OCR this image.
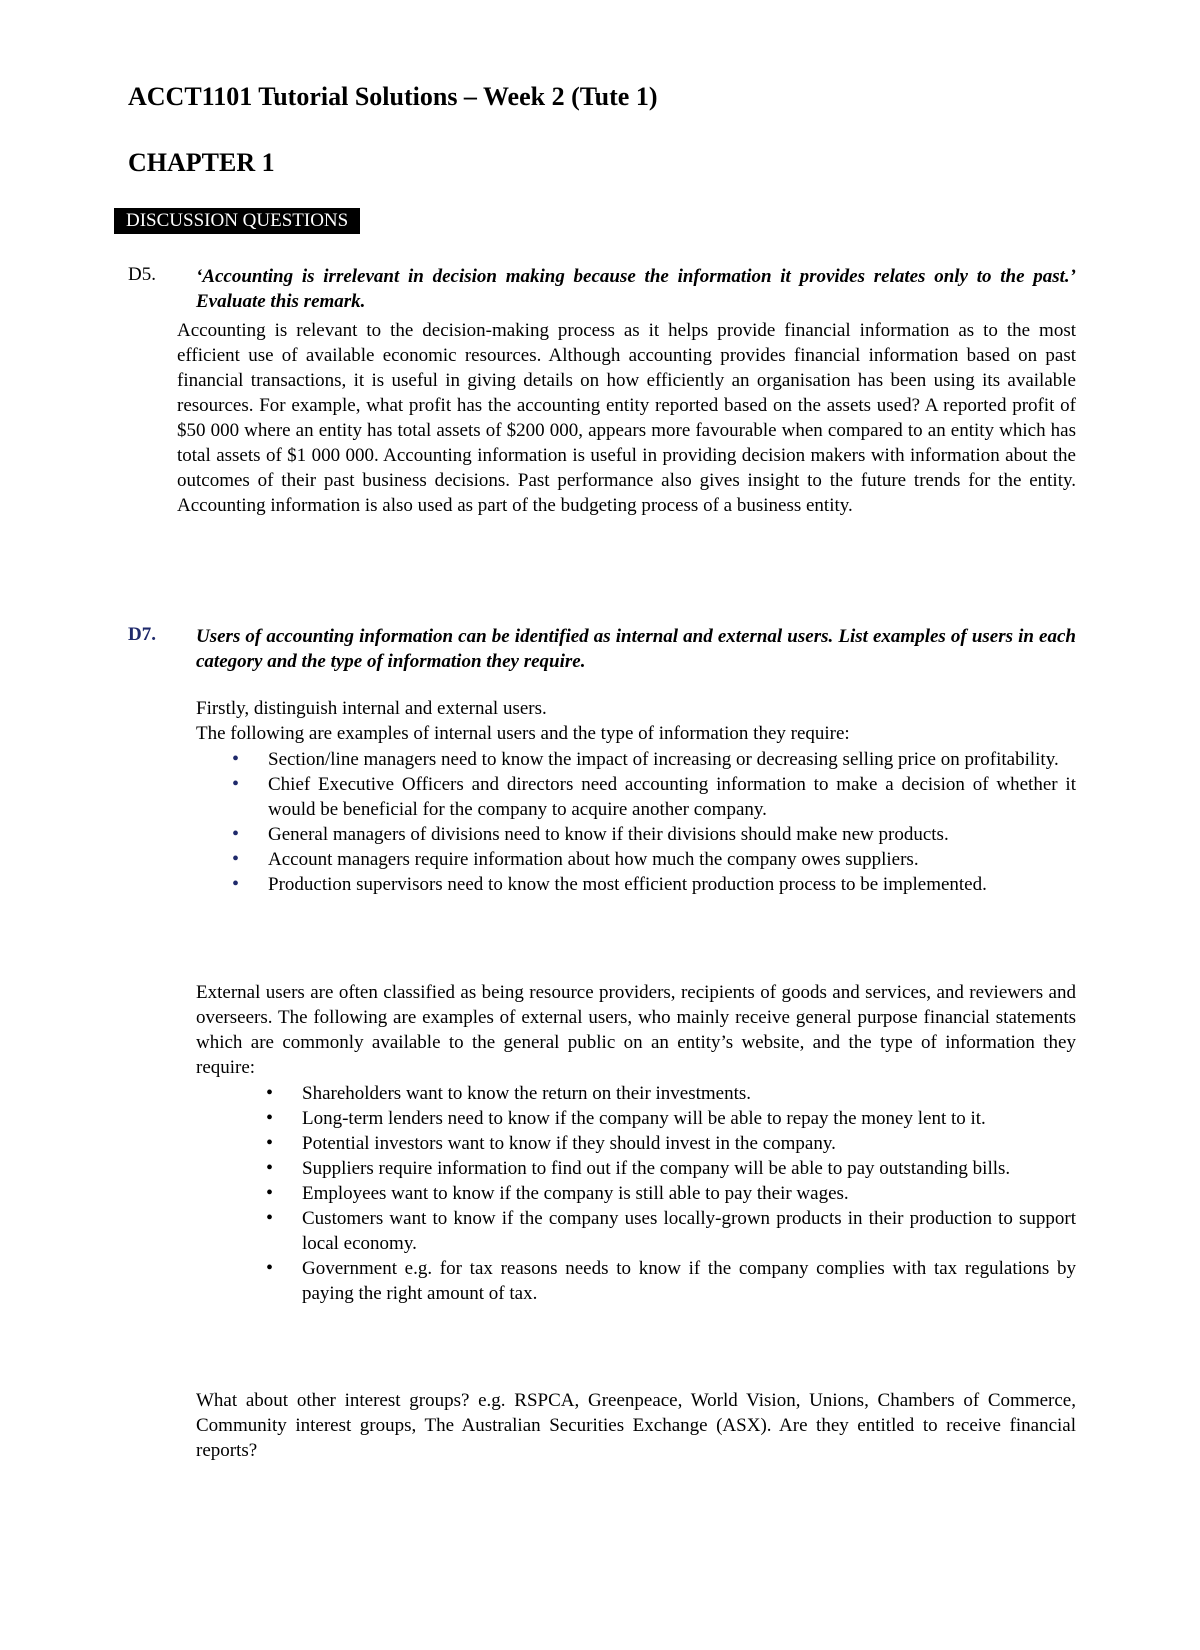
ACCT1101 Tutorial Solutions – Week 2 (Tute 1)
CHAPTER 1
DISCUSSION QUESTIONS
D5. ‘Accounting is irrelevant in decision making because the information it provides relates only to the past.’ Evaluate this remark.
Accounting is relevant to the decision-making process as it helps provide financial information as to the most efficient use of available economic resources. Although accounting provides financial information based on past financial transactions, it is useful in giving details on how efficiently an organisation has been using its available resources. For example, what profit has the accounting entity reported based on the assets used? A reported profit of $50 000 where an entity has total assets of $200 000, appears more favourable when compared to an entity which has total assets of $1 000 000. Accounting information is useful in providing decision makers with information about the outcomes of their past business decisions. Past performance also gives insight to the future trends for the entity. Accounting information is also used as part of the budgeting process of a business entity.
D7. Users of accounting information can be identified as internal and external users. List examples of users in each category and the type of information they require.
Firstly, distinguish internal and external users.
The following are examples of internal users and the type of information they require:
• Section/line managers need to know the impact of increasing or decreasing selling price on profitability.
• Chief Executive Officers and directors need accounting information to make a decision of whether it would be beneficial for the company to acquire another company.
• General managers of divisions need to know if their divisions should make new products.
• Account managers require information about how much the company owes suppliers.
• Production supervisors need to know the most efficient production process to be implemented.
External users are often classified as being resource providers, recipients of goods and services, and reviewers and overseers. The following are examples of external users, who mainly receive general purpose financial statements which are commonly available to the general public on an entity’s website, and the type of information they require:
• Shareholders want to know the return on their investments.
• Long-term lenders need to know if the company will be able to repay the money lent to it.
• Potential investors want to know if they should invest in the company.
• Suppliers require information to find out if the company will be able to pay outstanding bills.
• Employees want to know if the company is still able to pay their wages.
• Customers want to know if the company uses locally-grown products in their production to support local economy.
• Government e.g. for tax reasons needs to know if the company complies with tax regulations by paying the right amount of tax.
What about other interest groups? e.g. RSPCA, Greenpeace, World Vision, Unions, Chambers of Commerce, Community interest groups, The Australian Securities Exchange (ASX). Are they entitled to receive financial reports?
